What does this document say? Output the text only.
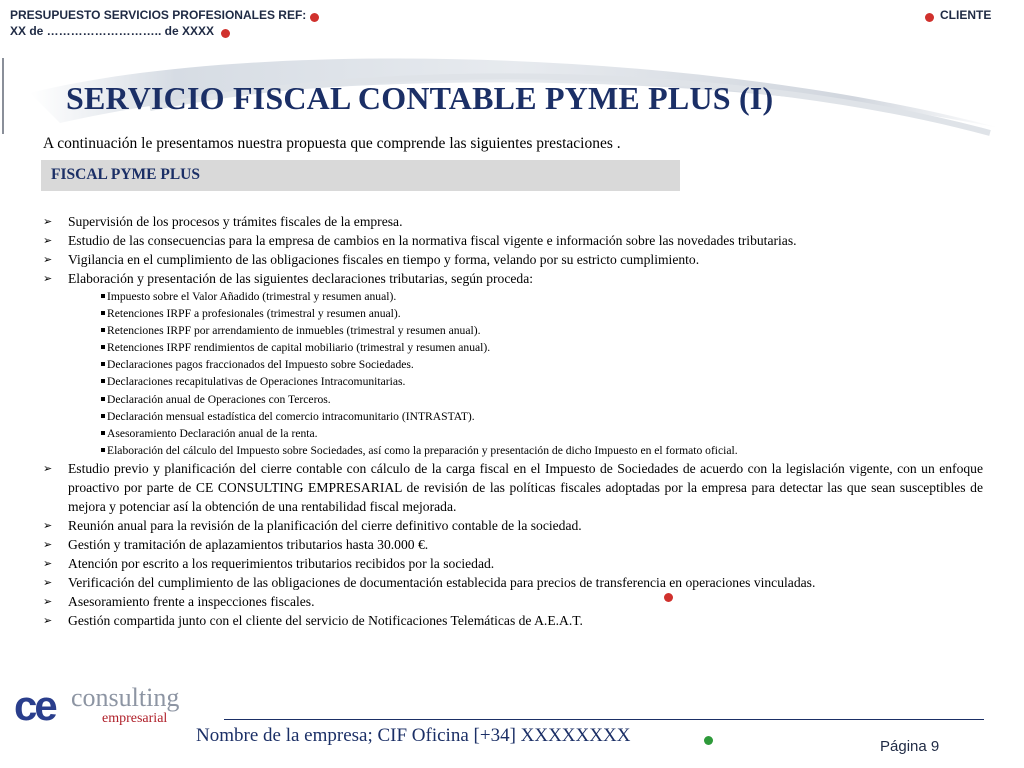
PRESUPUESTO SERVICIOS PROFESIONALES REF:
XX de ……………………….. de XXXX
CLIENTE
SERVICIO FISCAL CONTABLE PYME PLUS (I)
A continuación le presentamos nuestra propuesta que comprende las siguientes prestaciones .
FISCAL PYME PLUS
➢	Supervisión de los procesos y trámites fiscales de la empresa.
➢	Estudio de las consecuencias para la empresa de cambios en la normativa fiscal vigente e información sobre las novedades tributarias.
➢	Vigilancia en el cumplimiento de las obligaciones fiscales en tiempo y forma, velando por su estricto cumplimiento.
➢	Elaboración y presentación de las siguientes declaraciones tributarias, según proceda:
Impuesto sobre el Valor Añadido (trimestral y resumen anual).
Retenciones IRPF a profesionales (trimestral y resumen anual).
Retenciones IRPF por arrendamiento de inmuebles (trimestral y resumen anual).
Retenciones IRPF rendimientos de capital mobiliario (trimestral y resumen anual).
Declaraciones pagos fraccionados del Impuesto sobre Sociedades.
Declaraciones recapitulativas de Operaciones Intracomunitarias.
Declaración anual de Operaciones con Terceros.
Declaración mensual estadística del comercio intracomunitario (INTRASTAT).
Asesoramiento Declaración anual de la renta.
Elaboración del cálculo del Impuesto sobre Sociedades, así como la preparación y presentación de dicho Impuesto en el formato oficial.
➢	Estudio previo y planificación del cierre contable con cálculo de la carga fiscal en el Impuesto de Sociedades de acuerdo con la legislación vigente, con un enfoque proactivo por parte de CE CONSULTING EMPRESARIAL de revisión de las políticas fiscales adoptadas por la empresa para detectar las que sean susceptibles de mejora y potenciar así la obtención de una rentabilidad fiscal mejorada.
➢	Reunión anual para la revisión de la planificación del cierre definitivo contable de la sociedad.
➢	Gestión y tramitación de aplazamientos tributarios hasta 30.000 €.
➢	Atención por escrito a los requerimientos tributarios recibidos por la sociedad.
➢	Verificación del cumplimiento de las obligaciones de documentación establecida para precios de transferencia en operaciones vinculadas.
➢	Asesoramiento frente a inspecciones fiscales.
➢	Gestión compartida junto con el cliente del servicio de Notificaciones Telemáticas de A.E.A.T.
ce consulting
empresarial
Nombre de la empresa; CIF Oficina [+34] XXXXXXXX
Página 9
